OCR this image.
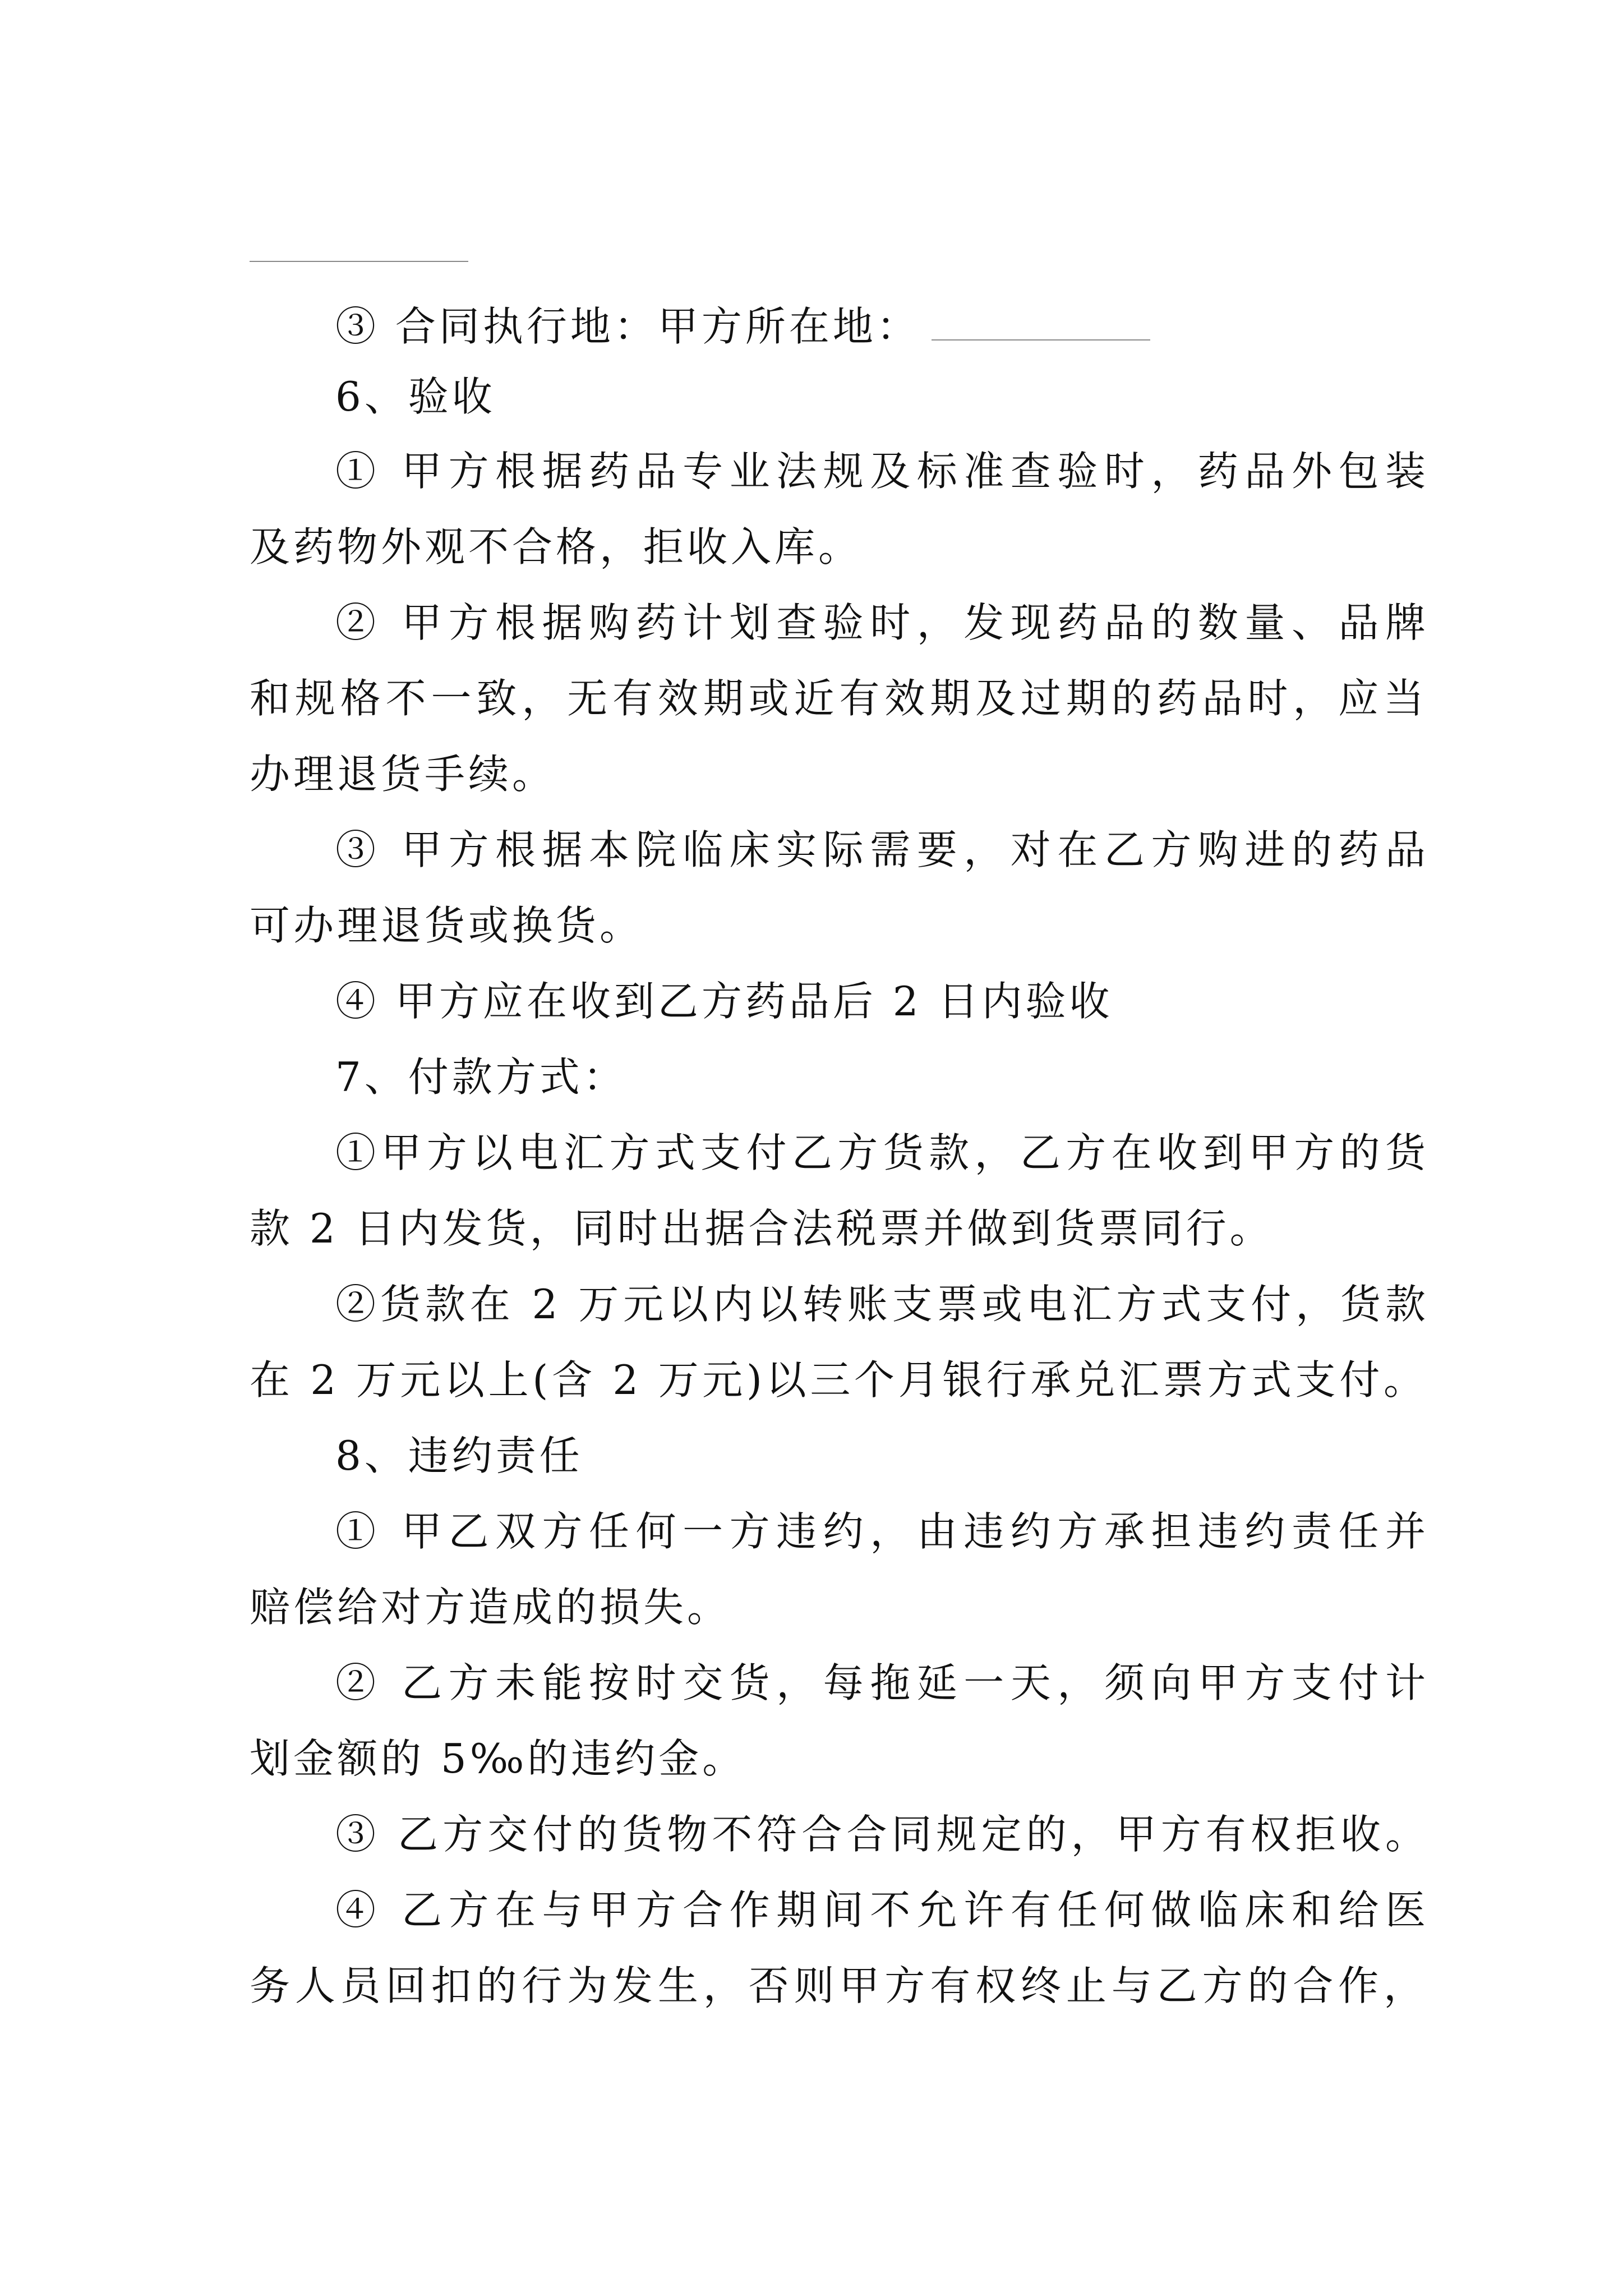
③ 合同执行地：甲方所在地：
6、验收
① 甲方根据药品专业法规及标准查验时，药品外包装
及药物外观不合格，拒收入库。
② 甲方根据购药计划查验时，发现药品的数量、品牌
和规格不一致，无有效期或近有效期及过期的药品时，应当
办理退货手续。
③ 甲方根据本院临床实际需要，对在乙方购进的药品
可办理退货或换货。
④ 甲方应在收到乙方药品后 2 日内验收
7、付款方式：
①甲方以电汇方式支付乙方货款，乙方在收到甲方的货
款 2 日内发货，同时出据合法税票并做到货票同行。
②货款在 2 万元以内以转账支票或电汇方式支付，货款
在 2 万元以上(含 2 万元)以三个月银行承兑汇票方式支付。
8、违约责任
① 甲乙双方任何一方违约，由违约方承担违约责任并
赔偿给对方造成的损失。
② 乙方未能按时交货，每拖延一天，须向甲方支付计
划金额的 5‰的违约金。
③ 乙方交付的货物不符合合同规定的，甲方有权拒收。
④ 乙方在与甲方合作期间不允许有任何做临床和给医
务人员回扣的行为发生，否则甲方有权终止与乙方的合作，
